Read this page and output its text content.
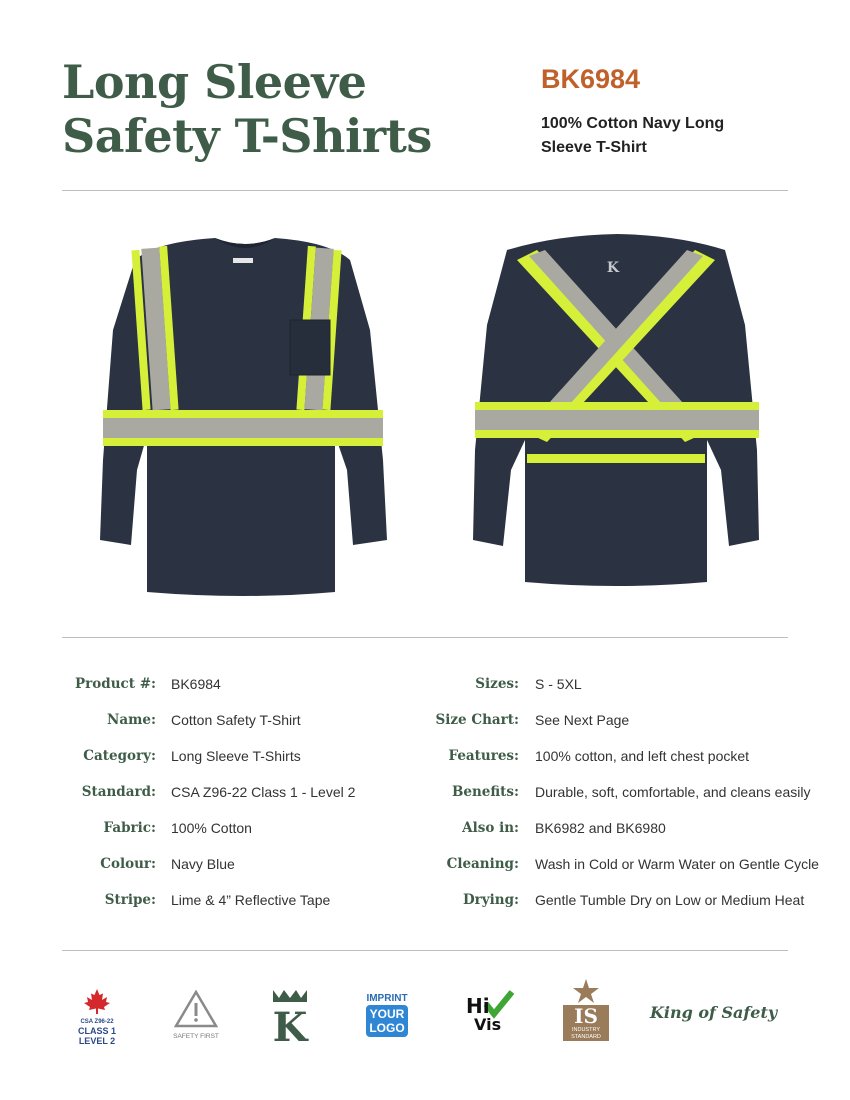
Long Sleeve
Safety T-Shirts
BK6984
100% Cotton Navy Long
Sleeve T-Shirt
K
Product #: BK6984
Name: Cotton Safety T-Shirt
Category: Long Sleeve T-Shirts
Standard: CSA Z96-22 Class 1 - Level 2
Fabric: 100% Cotton
Colour: Navy Blue
Stripe: Lime & 4” Reflective Tape
Sizes: S - 5XL
Size Chart: See Next Page
Features: 100% cotton, and left chest pocket
Benefits: Durable, soft, comfortable, and cleans easily
Also in: BK6982 and BK6980
Cleaning: Wash in Cold or Warm Water on Gentle Cycle
Drying: Gentle Tumble Dry on Low or Medium Heat
CSA Z96-22
CLASS 1
LEVEL 2	SAFETY FIRST K
IMPRINT
YOUR
LOGO
Hi
Vis	IS
INDUSTRY
STANDARD
King of Safety
